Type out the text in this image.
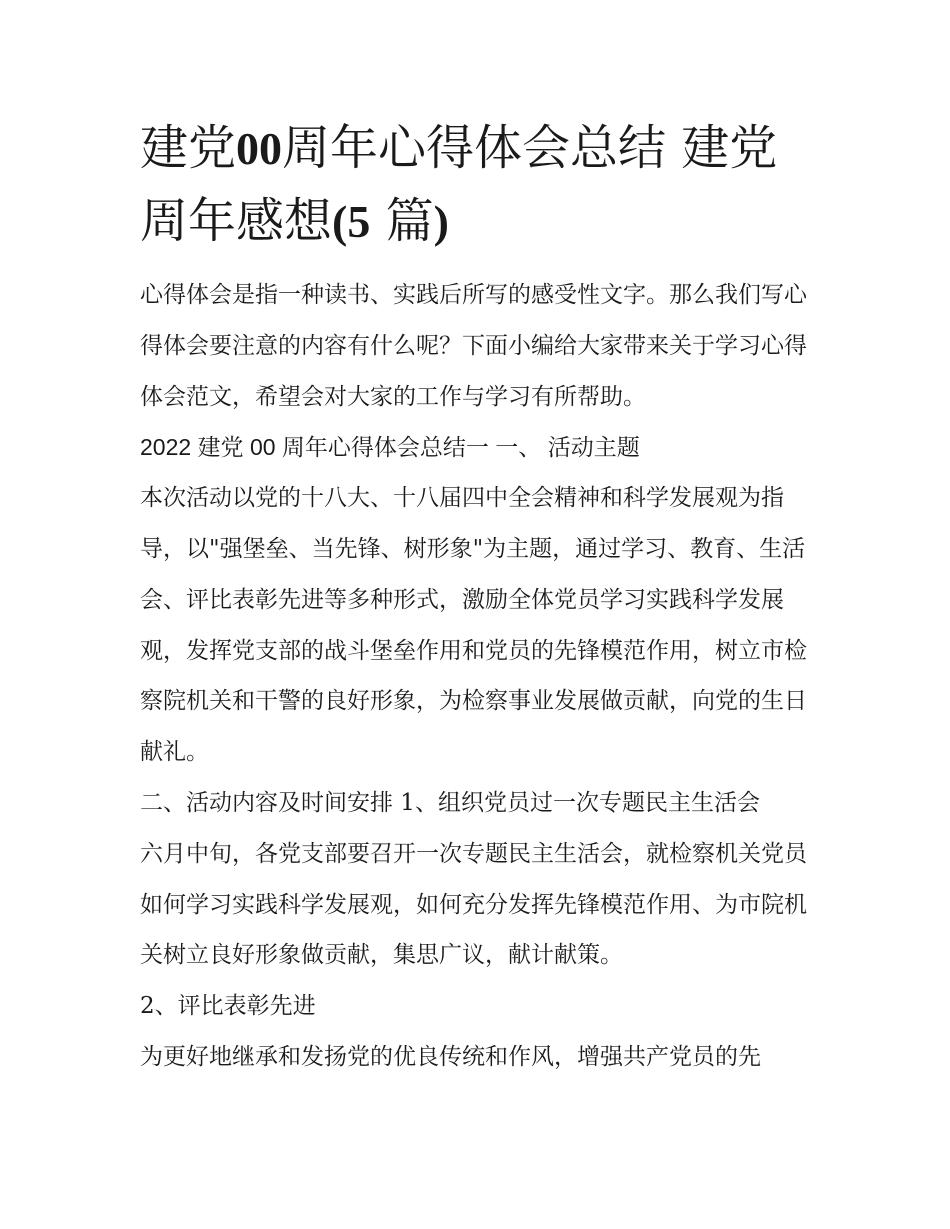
建党00周年心得体会总结 建党周年感想(5 篇)

心得体会是指一种读书、实践后所写的感受性文字。那么我们写心得体会要注意的内容有什么呢？下面小编给大家带来关于学习心得体会范文，希望会对大家的工作与学习有所帮助。

2022 建党 00 周年心得体会总结一 一、 活动主题

本次活动以党的十八大、十八届四中全会精神和科学发展观为指导，以"强堡垒、当先锋、树形象"为主题，通过学习、教育、生活会、评比表彰先进等多种形式，激励全体党员学习实践科学发展观，发挥党支部的战斗堡垒作用和党员的先锋模范作用，树立市检察院机关和干警的良好形象，为检察事业发展做贡献，向党的生日献礼。

二、活动内容及时间安排 1、组织党员过一次专题民主生活会

六月中旬，各党支部要召开一次专题民主生活会，就检察机关党员如何学习实践科学发展观，如何充分发挥先锋模范作用、为市院机关树立良好形象做贡献，集思广议，献计献策。

2、评比表彰先进

为更好地继承和发扬党的优良传统和作风，增强共产党员的先
